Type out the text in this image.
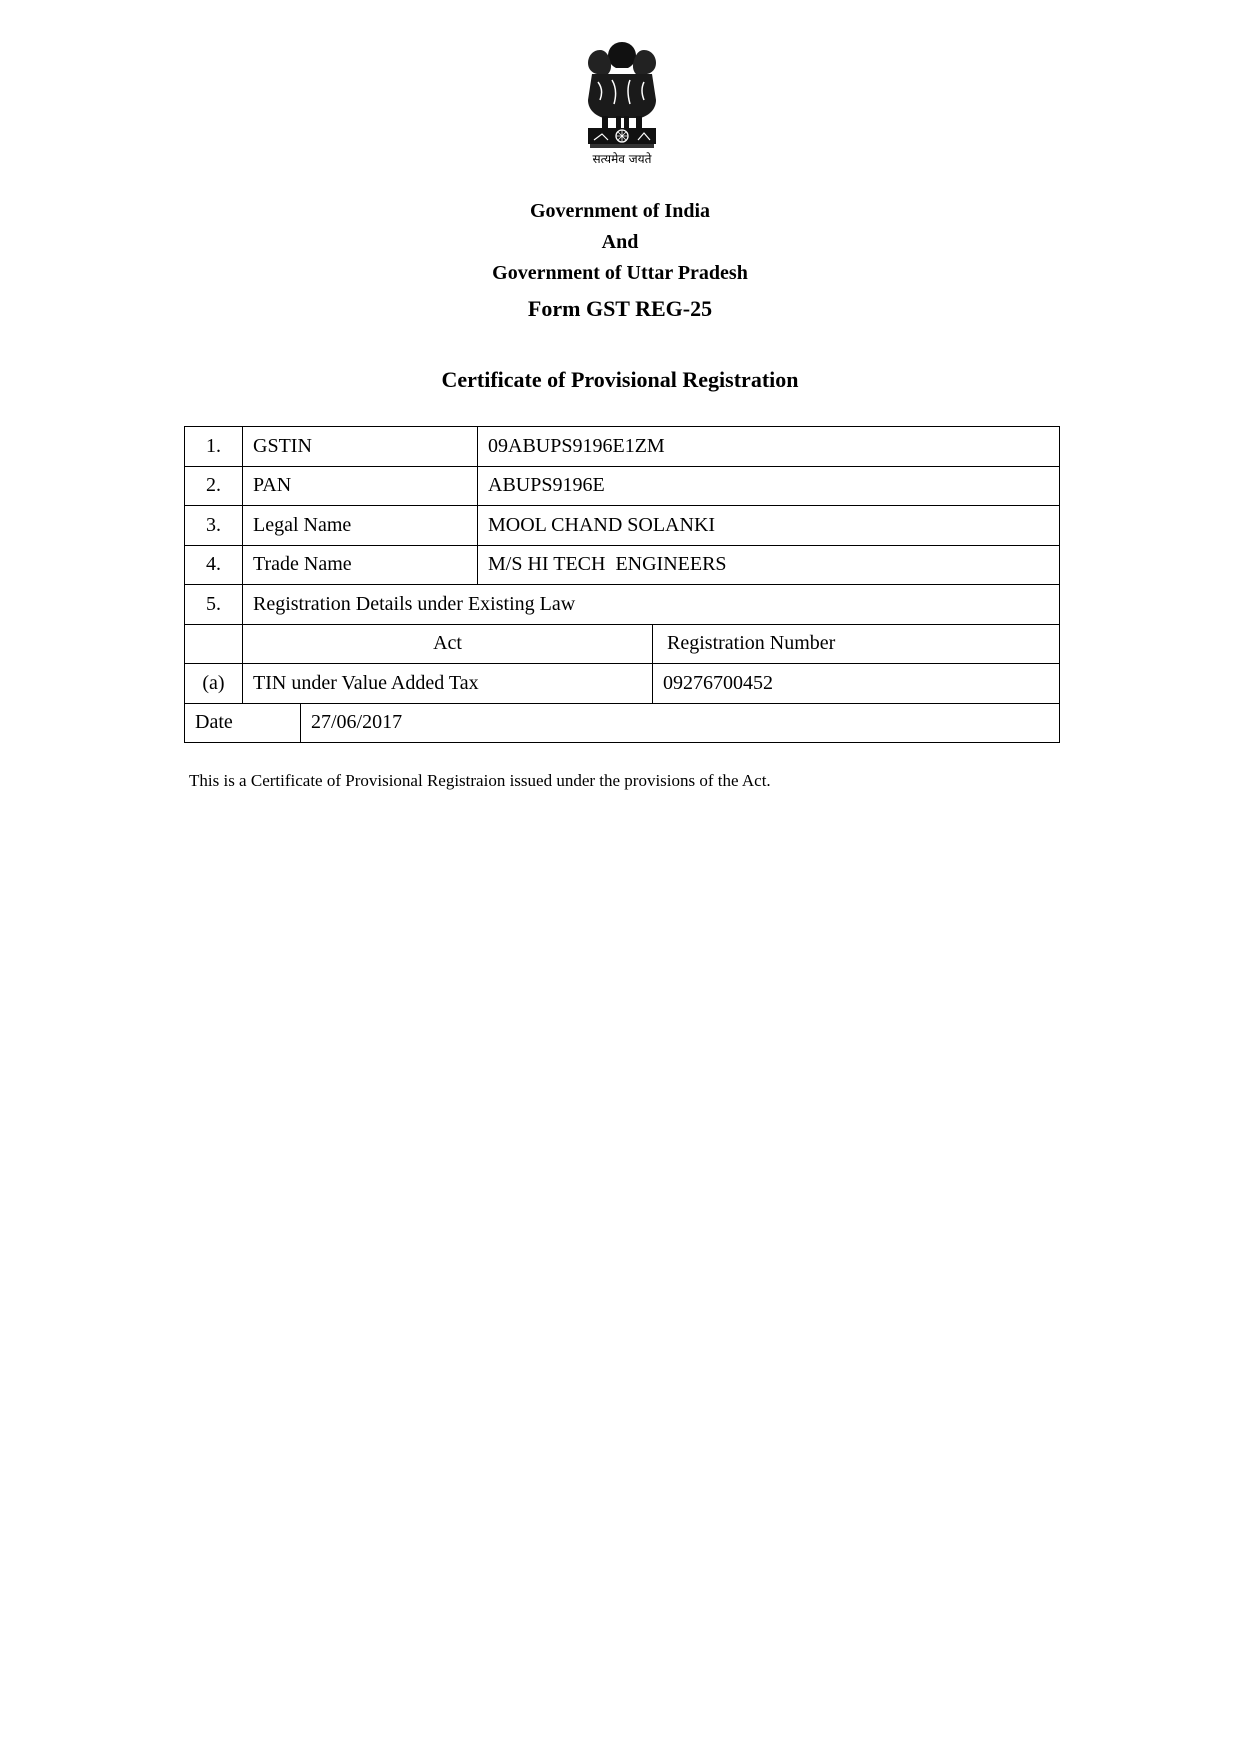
सत्यमेव जयते
Government of India
And
Government of Uttar Pradesh
Form GST REG-25
Certificate of Provisional Registration
1.	GSTIN		09ABUPS9196E1ZM	
2.	PAN		ABUPS9196E	
3.	Legal Name		MOOL CHAND SOLANKI	
4.	Trade Name		M/S HI TECH  ENGINEERS	
5.	Registration Details under Existing Law			
	Act			Registration Number
(a)	TIN under Value Added Tax			09276700452
Date		27/06/2017		
This is a Certificate of Provisional Registraion issued under the provisions of the Act.
